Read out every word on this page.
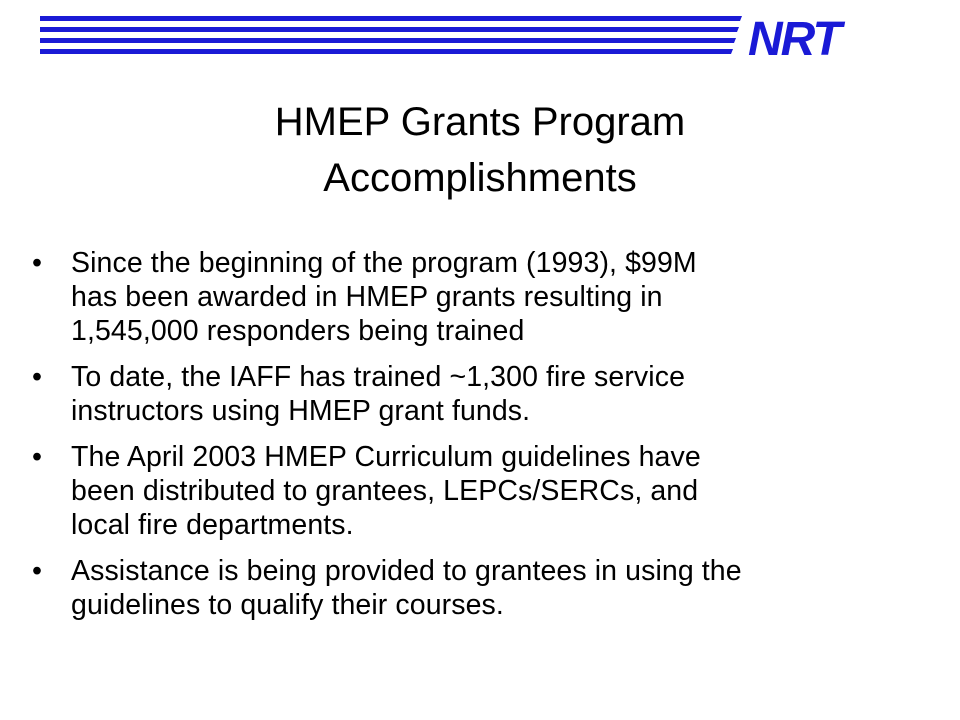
NRT
HMEP Grants Program
Accomplishments
• Since the beginning of the program (1993), $99M
has been awarded in HMEP grants resulting in
1,545,000 responders being trained
• To date, the IAFF has trained ~1,300 fire service
instructors using HMEP grant funds.
• The April 2003 HMEP Curriculum guidelines have
been distributed to grantees, LEPCs/SERCs, and
local fire departments.
• Assistance is being provided to grantees in using the
guidelines to qualify their courses.
